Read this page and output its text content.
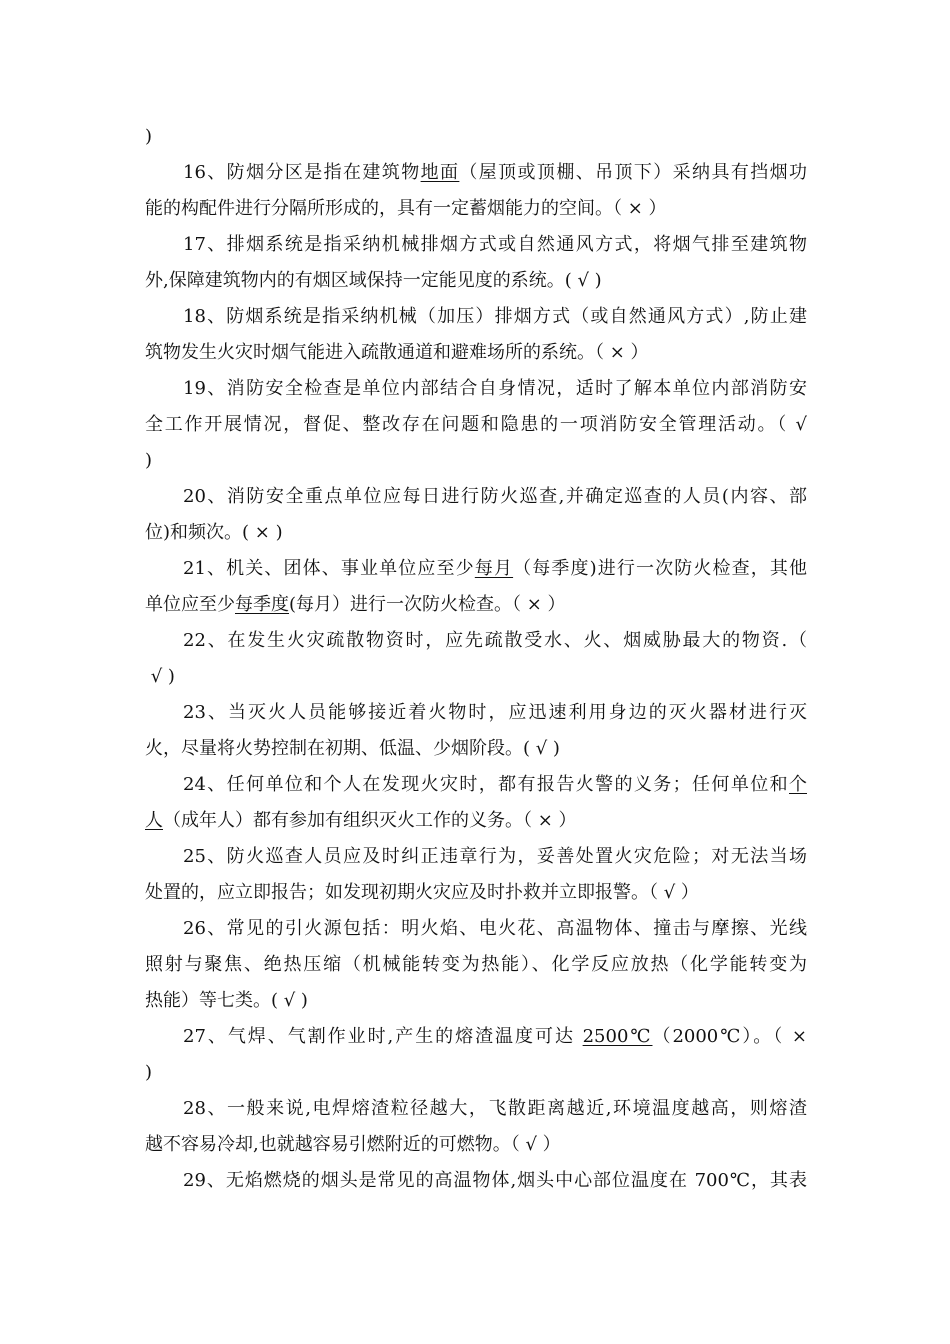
)
16、防烟分区是指在建筑物地面（屋顶或顶棚、吊顶下）采纳具有挡烟功
能的构配件进行分隔所形成的，具有一定蓄烟能力的空间。（ × ）
17、排烟系统是指采纳机械排烟方式或自然通风方式，将烟气排至建筑物
外,保障建筑物内的有烟区域保持一定能见度的系统。( √ )
18、防烟系统是指采纳机械（加压）排烟方式（或自然通风方式）,防止建
筑物发生火灾时烟气能进入疏散通道和避难场所的系统。（ × ）
19、消防安全检查是单位内部结合自身情况，适时了解本单位内部消防安
全工作开展情况，督促、整改存在问题和隐患的一项消防安全管理活动。（ √
)
20、消防安全重点单位应每日进行防火巡查,并确定巡查的人员(内容、部
位)和频次。( × )
21、机关、团体、事业单位应至少每月（每季度)进行一次防火检查，其他
单位应至少每季度(每月）进行一次防火检查。（ × ）
22、在发生火灾疏散物资时，应先疏散受水、火、烟威胁最大的物资.（
√ )
23、当灭火人员能够接近着火物时，应迅速利用身边的灭火器材进行灭
火，尽量将火势控制在初期、低温、少烟阶段。( √ )
24、任何单位和个人在发现火灾时，都有报告火警的义务；任何单位和个
人（成年人）都有参加有组织灭火工作的义务。（ × ）
25、防火巡查人员应及时纠正违章行为，妥善处置火灾危险；对无法当场
处置的，应立即报告；如发现初期火灾应及时扑救并立即报警。（ √ ）
26、常见的引火源包括：明火焰、电火花、高温物体、撞击与摩擦、光线
照射与聚焦、绝热压缩（机械能转变为热能）、化学反应放热（化学能转变为
热能）等七类。( √ )
27、气焊、气割作业时,产生的熔渣温度可达 2500℃（2000℃）。（ ×
)
28、一般来说,电焊熔渣粒径越大，飞散距离越近,环境温度越高，则熔渣
越不容易冷却,也就越容易引燃附近的可燃物。（ √ ）
29、无焰燃烧的烟头是常见的高温物体,烟头中心部位温度在 700℃，其表
